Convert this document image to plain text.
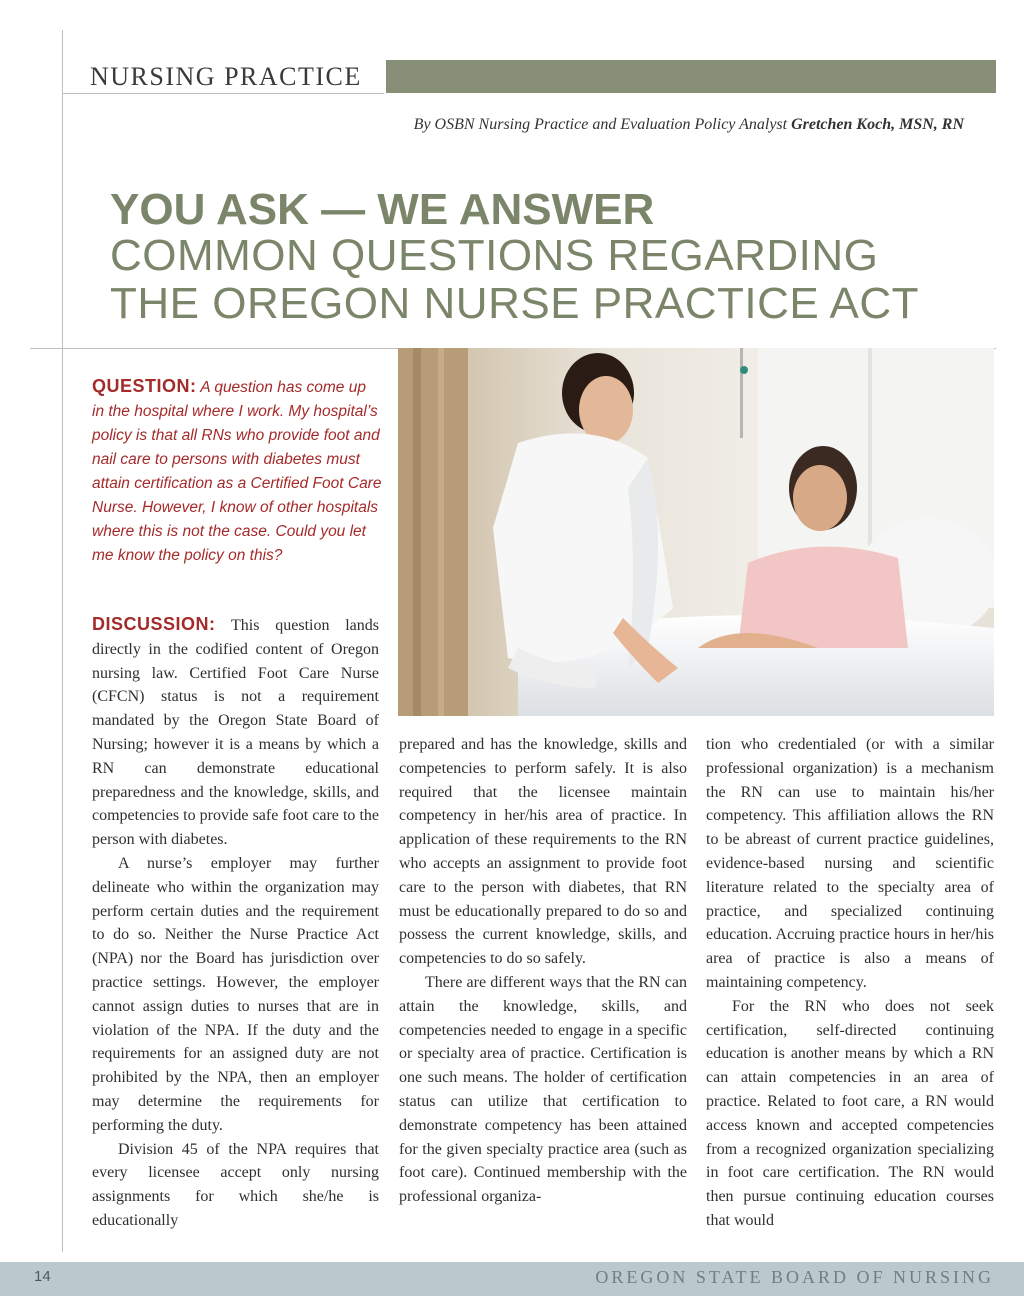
NURSING PRACTICE
By OSBN Nursing Practice and Evaluation Policy Analyst Gretchen Koch, MSN, RN
YOU ASK — WE ANSWER
COMMON QUESTIONS REGARDING
THE OREGON NURSE PRACTICE ACT
QUESTION: A question has come up in the hospital where I work. My hospital’s policy is that all RNs who provide foot and nail care to persons with diabetes must attain certification as a Certified Foot Care Nurse. However, I know of other hospitals where this is not the case. Could you let me know the policy on this?

DISCUSSION: This question lands directly in the codified content of Oregon nursing law. Certified Foot Care Nurse (CFCN) status is not a requirement mandated by the Oregon State Board of Nursing; however it is a means by which a RN can demonstrate educational preparedness and the knowledge, skills, and competencies to provide safe foot care to the person with diabetes.

A nurse’s employer may further delineate who within the organization may perform certain duties and the requirement to do so. Neither the Nurse Practice Act (NPA) nor the Board has jurisdiction over practice settings. However, the employer cannot assign duties to nurses that are in violation of the NPA. If the duty and the requirements for an assigned duty are not prohibited by the NPA, then an employer may determine the requirements for performing the duty.

Division 45 of the NPA requires that every licensee accept only nursing assignments for which she/he is educationally

prepared and has the knowledge, skills and competencies to perform safely. It is also required that the licensee maintain competency in her/his area of practice. In application of these requirements to the RN who accepts an assignment to provide foot care to the person with diabetes, that RN must be educationally prepared to do so and possess the current knowledge, skills, and competencies to do so safely.

There are different ways that the RN can attain the knowledge, skills, and competencies needed to engage in a specific or specialty area of practice. Certification is one such means. The holder of certification status can utilize that certification to demonstrate competency has been attained for the given specialty practice area (such as foot care). Continued membership with the professional organiza-

tion who credentialed (or with a similar professional organization) is a mechanism the RN can use to maintain his/her competency. This affiliation allows the RN to be abreast of current practice guidelines, evidence-based nursing and scientific literature related to the specialty area of practice, and specialized continuing education. Accruing practice hours in her/his area of practice is also a means of maintaining competency.

For the RN who does not seek certification, self-directed continuing education is another means by which a RN can attain competencies in an area of practice. Related to foot care, a RN would access known and accepted competencies from a recognized organization specializing in foot care certification. The RN would then pursue continuing education courses that would

14	OREGON STATE BOARD OF NURSING
